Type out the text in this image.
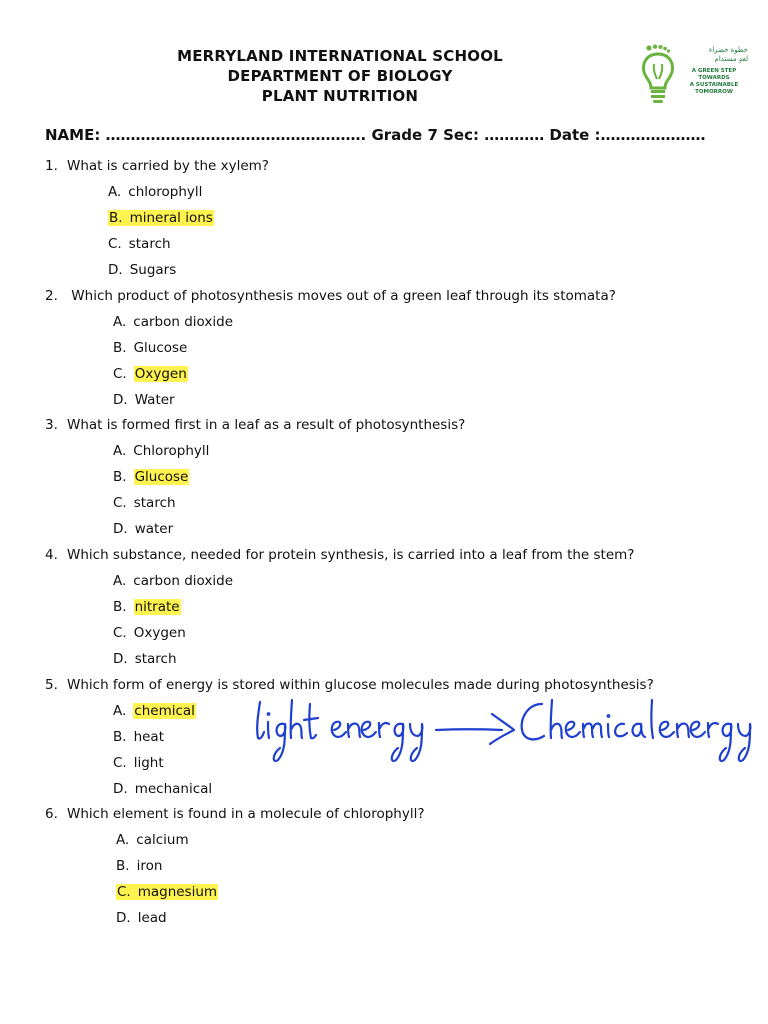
MERRYLAND INTERNATIONAL SCHOOL
DEPARTMENT OF BIOLOGY
PLANT NUTRITION
خطوة خضراء
لغدٍ مستدام
A GREEN STEP
TOWARDS
A SUSTAINABLE
TOMORROW
NAME: ……………………………………………. Grade 7 Sec: ………… Date :…………………
1. What is carried by the xylem?
A. chlorophyll
B. mineral ions
C. starch
D. Sugars
2. Which product of photosynthesis moves out of a green leaf through its stomata?
A. carbon dioxide
B. Glucose
C. Oxygen
D. Water
3. What is formed first in a leaf as a result of photosynthesis?
A. Chlorophyll
B. Glucose
C. starch
D. water
4. Which substance, needed for protein synthesis, is carried into a leaf from the stem?
A. carbon dioxide
B. nitrate
C. Oxygen
D. starch
5. Which form of energy is stored within glucose molecules made during photosynthesis?
A. chemical
B. heat
C. light
D. mechanical
6. Which element is found in a molecule of chlorophyll?
A. calcium
B. iron
C. magnesium
D. lead
